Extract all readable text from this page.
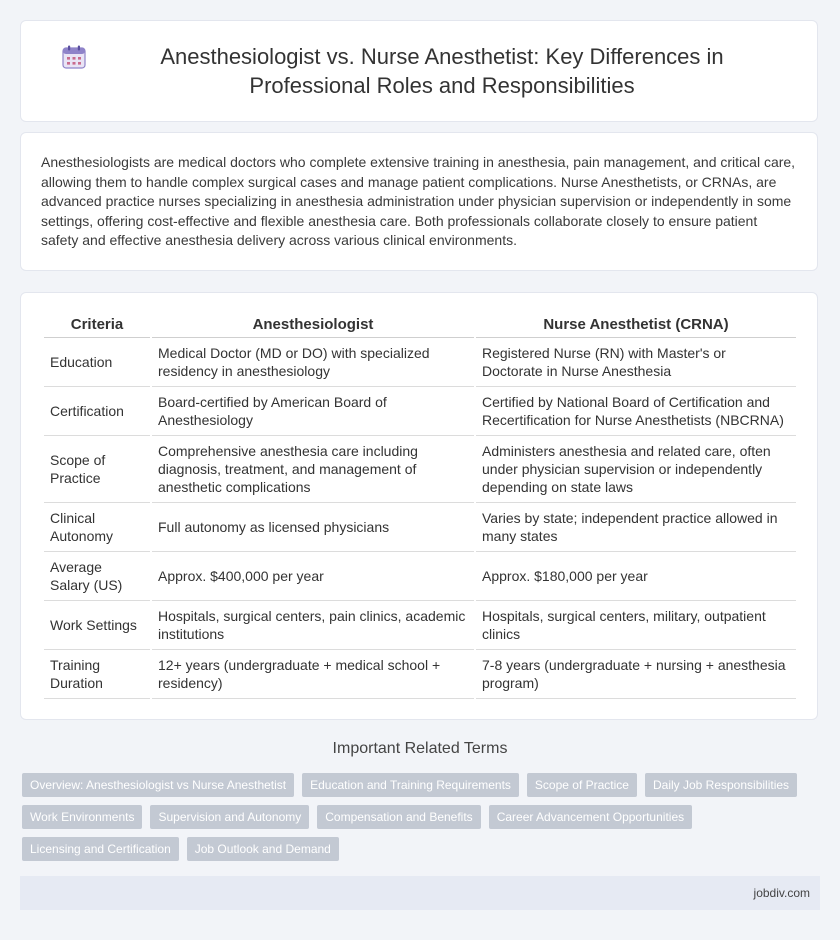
Anesthesiologist vs. Nurse Anesthetist: Key Differences in Professional Roles and Responsibilities

Anesthesiologists are medical doctors who complete extensive training in anesthesia, pain management, and critical care, allowing them to handle complex surgical cases and manage patient complications. Nurse Anesthetists, or CRNAs, are advanced practice nurses specializing in anesthesia administration under physician supervision or independently in some settings, offering cost-effective and flexible anesthesia care. Both professionals collaborate closely to ensure patient safety and effective anesthesia delivery across various clinical environments.

Criteria	Anesthesiologist	Nurse Anesthetist (CRNA)
Education	Medical Doctor (MD or DO) with specialized residency in anesthesiology	Registered Nurse (RN) with Master's or Doctorate in Nurse Anesthesia
Certification	Board-certified by American Board of Anesthesiology	Certified by National Board of Certification and Recertification for Nurse Anesthetists (NBCRNA)
Scope of Practice	Comprehensive anesthesia care including diagnosis, treatment, and management of anesthetic complications	Administers anesthesia and related care, often under physician supervision or independently depending on state laws
Clinical Autonomy	Full autonomy as licensed physicians	Varies by state; independent practice allowed in many states
Average Salary (US)	Approx. $400,000 per year	Approx. $180,000 per year
Work Settings	Hospitals, surgical centers, pain clinics, academic institutions	Hospitals, surgical centers, military, outpatient clinics
Training Duration	12+ years (undergraduate + medical school + residency)	7-8 years (undergraduate + nursing + anesthesia program)
Important Related Terms
Overview: Anesthesiologist vs Nurse Anesthetist	Education and Training Requirements	Scope of Practice	Daily Job Responsibilities
Work Environments	Supervision and Autonomy	Compensation and Benefits	Career Advancement Opportunities
Licensing and Certification	Job Outlook and Demand
jobdiv.com
